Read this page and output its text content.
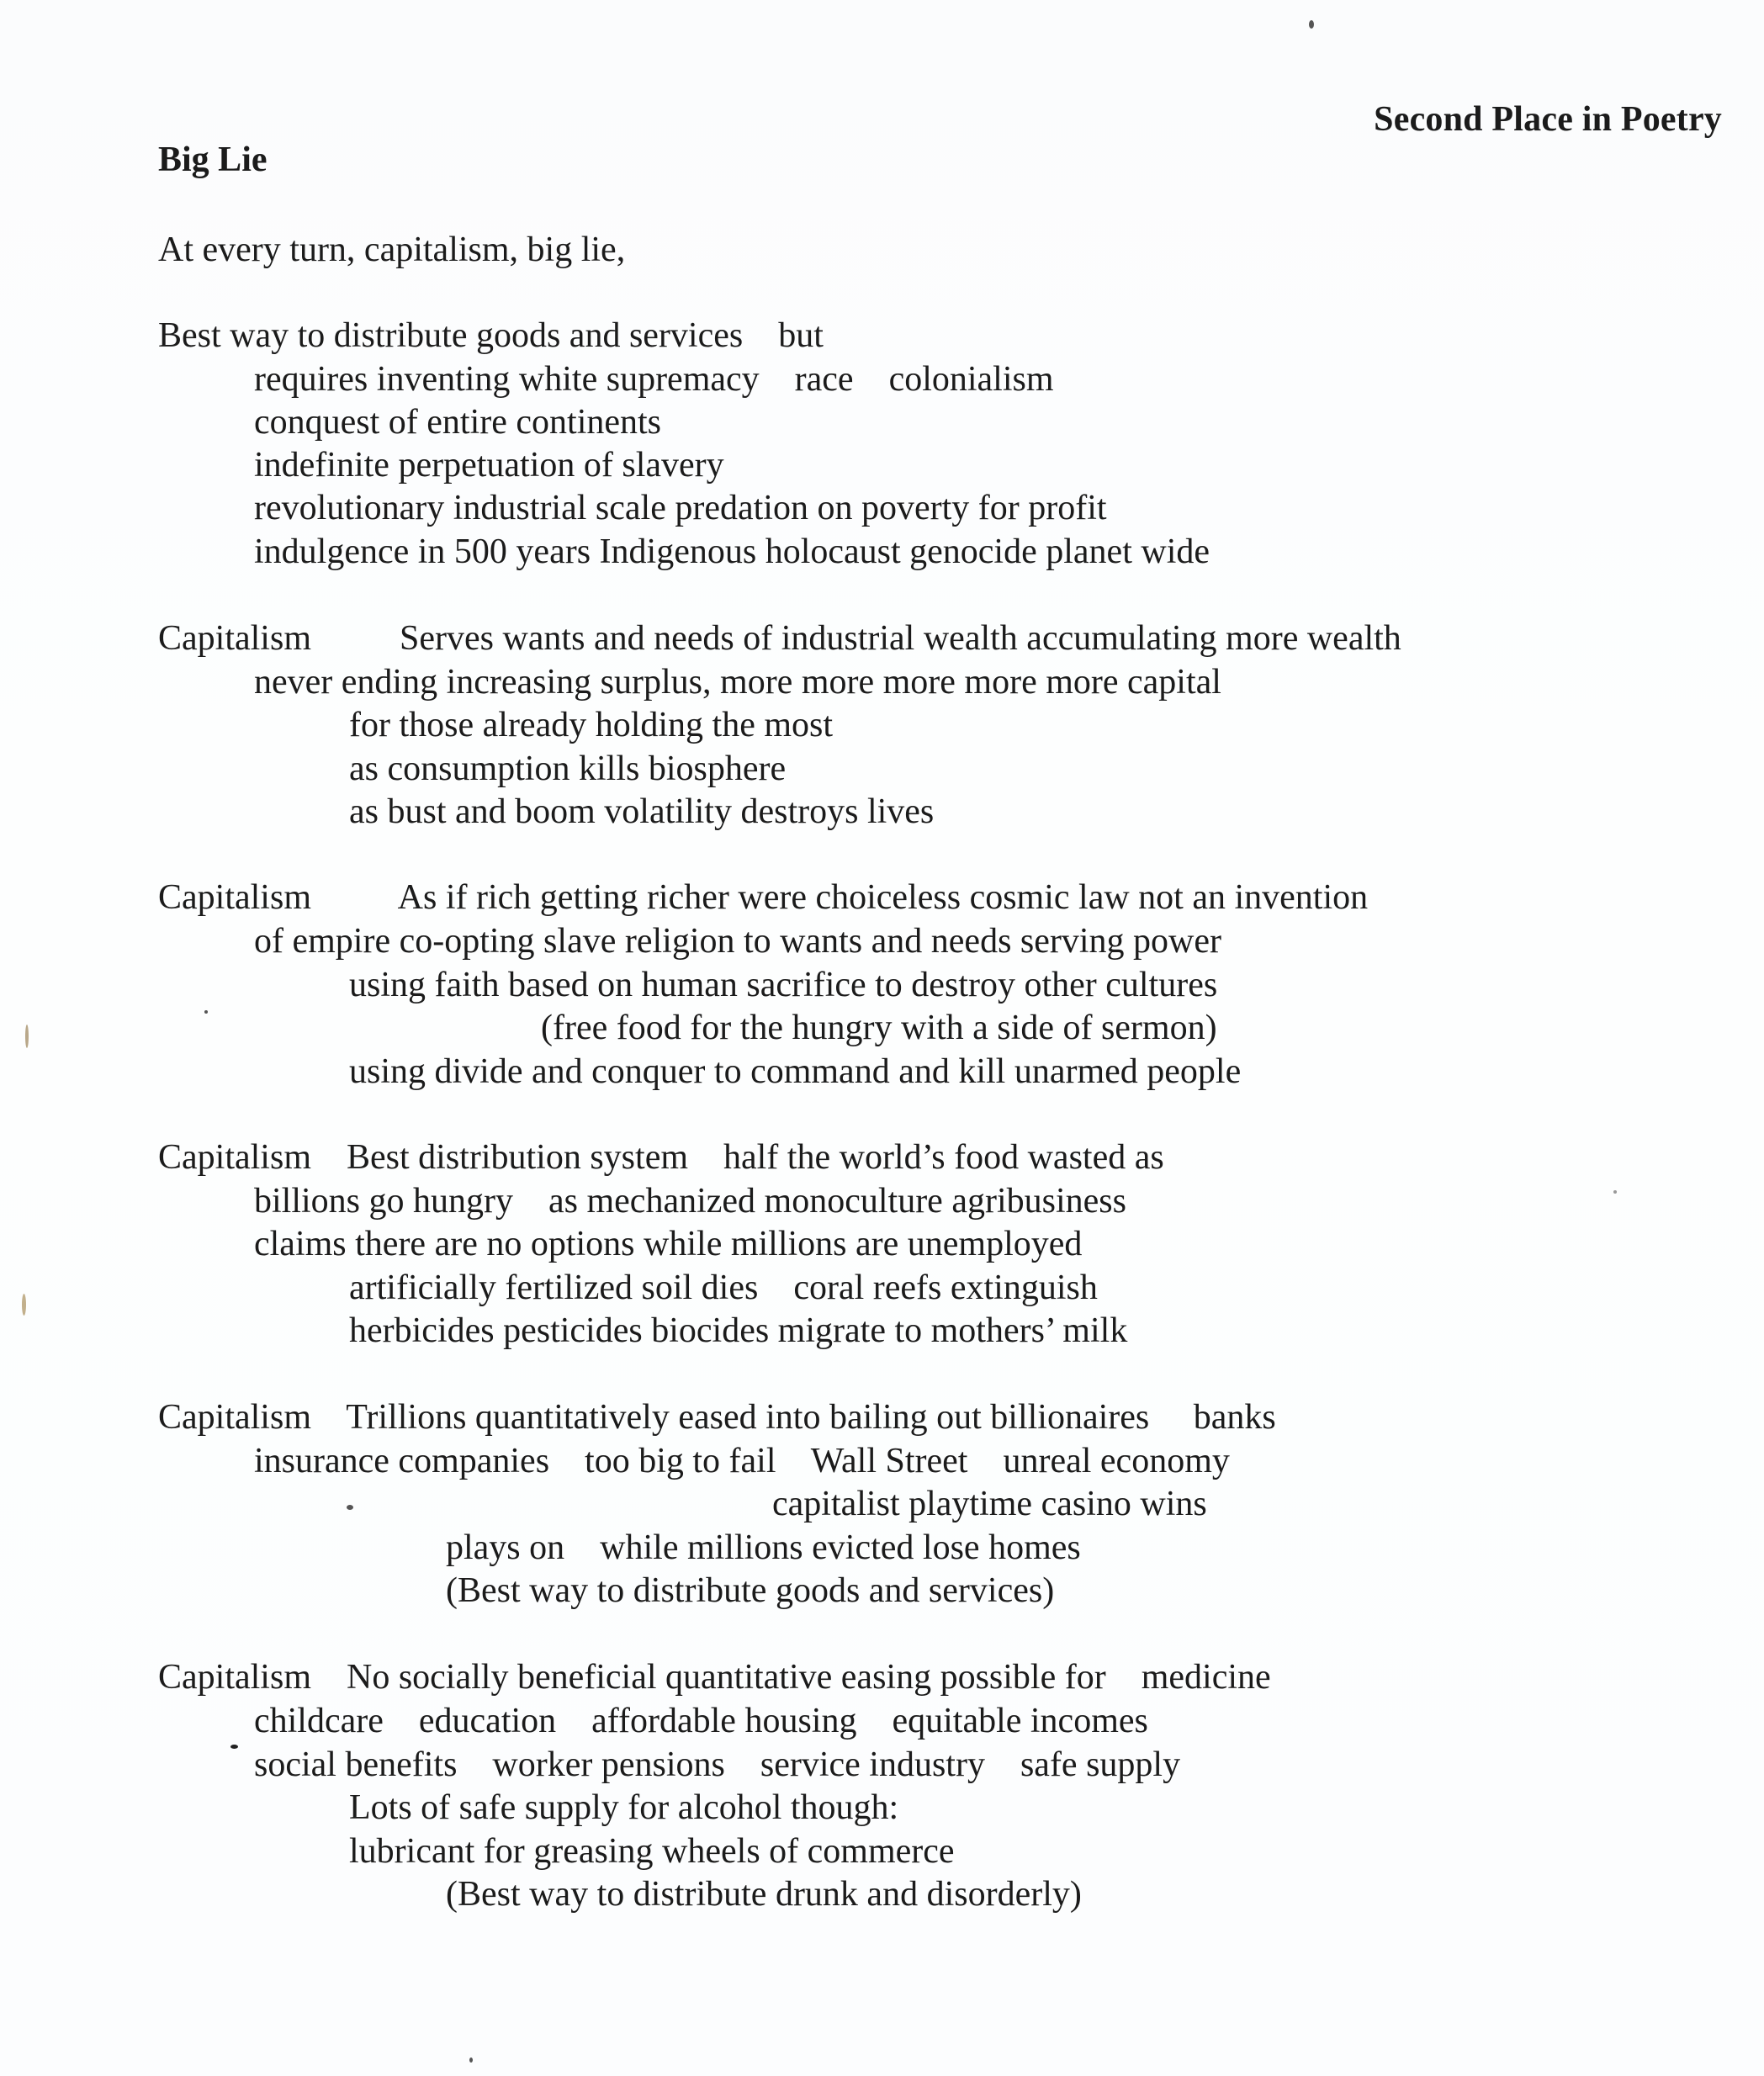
Second Place in Poetry
Big Lie
At every turn, capitalism, big lie,
Best way to distribute goods and services    but
requires inventing white supremacy    race    colonialism
conquest of entire continents
indefinite perpetuation of slavery
revolutionary industrial scale predation on poverty for profit
indulgence in 500 years Indigenous holocaust genocide planet wide
Capitalism          Serves wants and needs of industrial wealth accumulating more wealth
never ending increasing surplus, more more more more more capital
for those already holding the most
as consumption kills biosphere
as bust and boom volatility destroys lives
Capitalism          As if rich getting richer were choiceless cosmic law not an invention
of empire co-opting slave religion to wants and needs serving power
using faith based on human sacrifice to destroy other cultures
(free food for the hungry with a side of sermon)
using divide and conquer to command and kill unarmed people
Capitalism    Best distribution system    half the world’s food wasted as
billions go hungry    as mechanized monoculture agribusiness
claims there are no options while millions are unemployed
artificially fertilized soil dies    coral reefs extinguish
herbicides pesticides biocides migrate to mothers’ milk
Capitalism    Trillions quantitatively eased into bailing out billionaires     banks
insurance companies    too big to fail    Wall Street    unreal economy
capitalist playtime casino wins
plays on    while millions evicted lose homes
(Best way to distribute goods and services)
Capitalism    No socially beneficial quantitative easing possible for    medicine
childcare    education    affordable housing    equitable incomes
social benefits    worker pensions    service industry    safe supply
Lots of safe supply for alcohol though:
lubricant for greasing wheels of commerce
(Best way to distribute drunk and disorderly)
